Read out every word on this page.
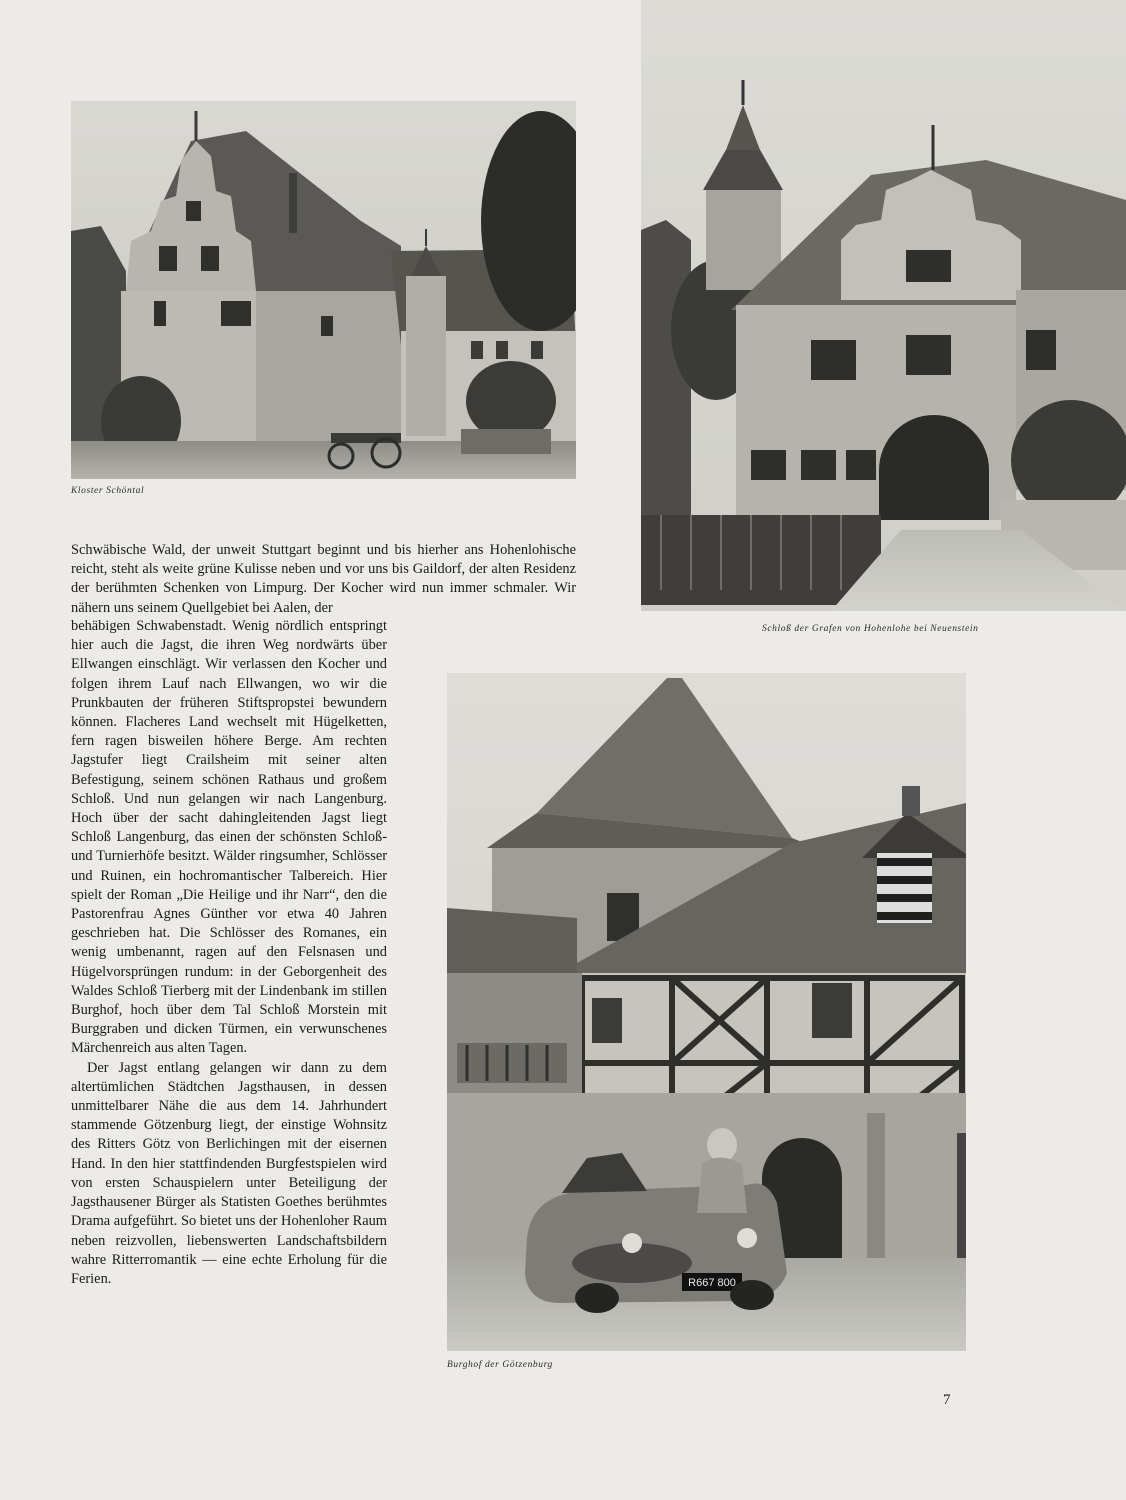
Kloster Schöntal
Schloß der Grafen von Hohenlohe bei Neuenstein
Schwäbische Wald, der unweit Stuttgart beginnt und bis hierher ans Hohenlohische reicht, steht als weite grüne Kulisse neben und vor uns bis Gaildorf, der alten Residenz der berühmten Schenken von Limpurg. Der Kocher wird nun immer schmaler. Wir nähern uns seinem Quellgebiet bei Aalen, der

behäbigen Schwabenstadt. Wenig nördlich entspringt hier auch die Jagst, die ihren Weg nordwärts über Ellwangen einschlägt. Wir verlassen den Kocher und folgen ihrem Lauf nach Ellwangen, wo wir die Prunkbauten der früheren Stiftspropstei bewundern können. Flacheres Land wechselt mit Hügelketten, fern ragen bisweilen höhere Berge. Am rechten Jagstufer liegt Crailsheim mit seiner alten Befestigung, seinem schönen Rathaus und großem Schloß. Und nun gelangen wir nach Langenburg. Hoch über der sacht dahingleitenden Jagst liegt Schloß Langenburg, das einen der schönsten Schloß- und Turnierhöfe besitzt. Wälder ringsumher, Schlösser und Ruinen, ein hochromantischer Talbereich. Hier spielt der Roman „Die Heilige und ihr Narr“, den die Pastorenfrau Agnes Günther vor etwa 40 Jahren geschrieben hat. Die Schlösser des Romanes, ein wenig umbenannt, ragen auf den Felsnasen und Hügelvorsprüngen rundum: in der Geborgenheit des Waldes Schloß Tierberg mit der Lindenbank im stillen Burghof, hoch über dem Tal Schloß Morstein mit Burggraben und dicken Türmen, ein verwunschenes Märchenreich aus alten Tagen.

Der Jagst entlang gelangen wir dann zu dem altertümlichen Städtchen Jagsthausen, in dessen unmittelbarer Nähe die aus dem 14. Jahrhundert stammende Götzenburg liegt, der einstige Wohnsitz des Ritters Götz von Berlichingen mit der eisernen Hand. In den hier stattfindenden Burgfestspielen wird von ersten Schauspielern unter Beteiligung der Jagsthausener Bürger als Statisten Goethes berühmtes Drama aufgeführt. So bietet uns der Hohenloher Raum neben reizvollen, liebenswerten Landschaftsbildern wahre Ritterromantik — eine echte Erholung für die Ferien.	R667 800
Burghof der Götzenburg
7
